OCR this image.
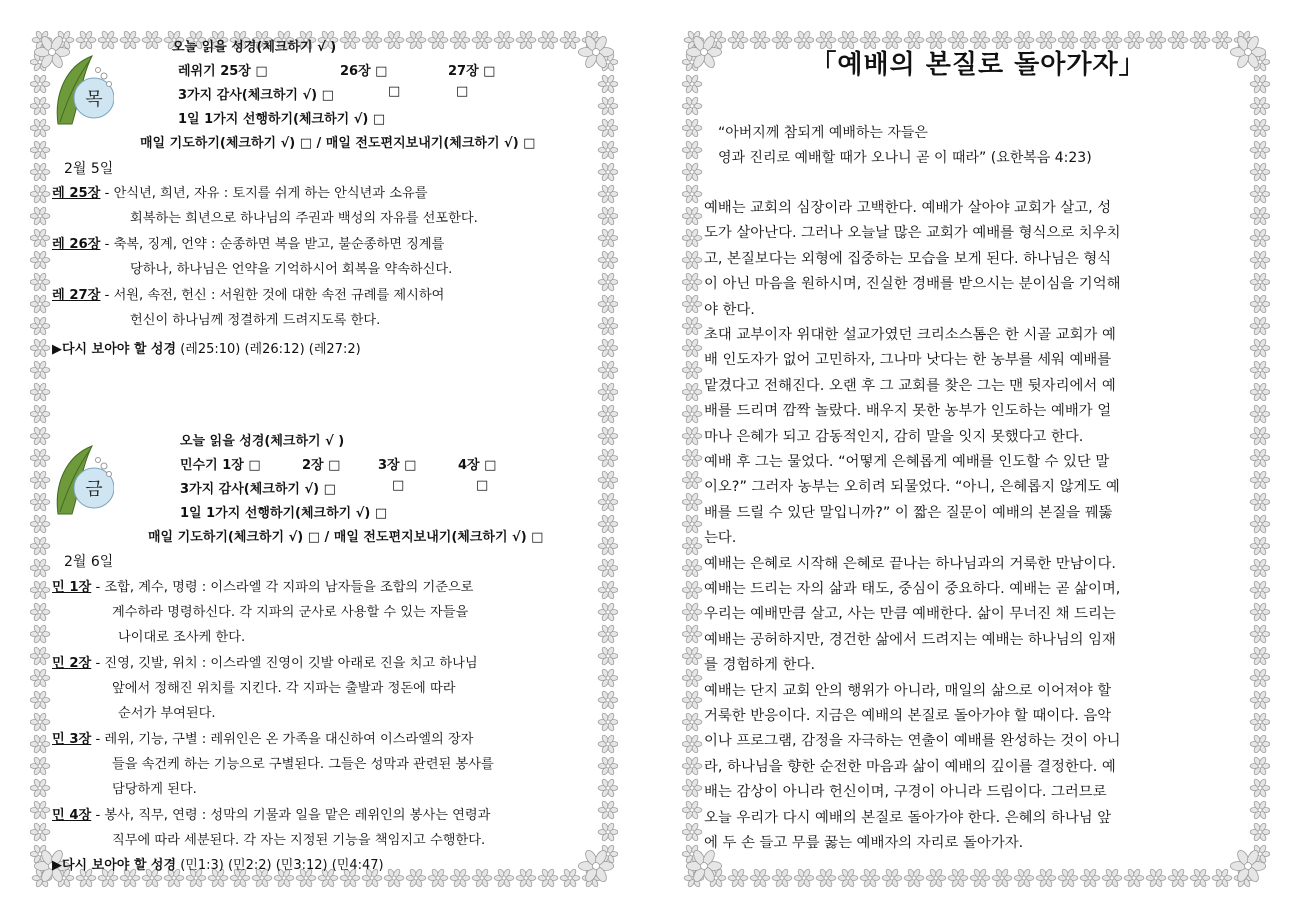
목
오늘 읽을 성경(체크하기 √ )
레위기 25장 □	26장 □	27장 □
3가지 감사(체크하기 √) □	□	□
1일 1가지 선행하기(체크하기 √) □
매일 기도하기(체크하기 √) □ / 매일 전도편지보내기(체크하기 √) □
2월 5일
레 25장 - 안식년, 희년, 자유 : 토지를 쉬게 하는 안식년과 소유를
회복하는 희년으로 하나님의 주권과 백성의 자유를 선포한다.
레 26장 - 축복, 징계, 언약 : 순종하면 복을 받고, 불순종하면 징계를
당하나, 하나님은 언약을 기억하시어 회복을 약속하신다.
레 27장 - 서원, 속전, 헌신 : 서원한 것에 대한 속전 규례를 제시하여
헌신이 하나님께 정결하게 드려지도록 한다.
▶다시 보아야 할 성경 (레25:10) (레26:12) (레27:2)
금
오늘 읽을 성경(체크하기 √ )
민수기 1장 □	2장 □	3장 □	4장 □
3가지 감사(체크하기 √) □	□	□
1일 1가지 선행하기(체크하기 √) □
매일 기도하기(체크하기 √) □ / 매일 전도편지보내기(체크하기 √) □
2월 6일
민 1장 - 조합, 계수, 명령 : 이스라엘 각 지파의 남자들을 조합의 기준으로
계수하라 명령하신다. 각 지파의 군사로 사용할 수 있는 자들을
나이대로 조사케 한다.
민 2장 - 진영, 깃발, 위치 : 이스라엘 진영이 깃발 아래로 진을 치고 하나님
앞에서 정해진 위치를 지킨다. 각 지파는 출발과 정돈에 따라
순서가 부여된다.
민 3장 - 레위, 기능, 구별 : 레위인은 온 가족을 대신하여 이스라엘의 장자
들을 속건케 하는 기능으로 구별된다. 그들은 성막과 관련된 봉사를
담당하게 된다.
민 4장 - 봉사, 직무, 연령 : 성막의 기물과 일을 맡은 레위인의 봉사는 연령과
직무에 따라 세분된다. 각 자는 지정된 기능을 책임지고 수행한다.
▶다시 보아야 할 성경 (민1:3) (민2:2) (민3:12) (민4:47)
「예배의 본질로 돌아가자」
“아버지께 참되게 예배하는 자들은
영과 진리로 예배할 때가 오나니 곧 이 때라” (요한복음 4:23)
예배는 교회의 심장이라 고백한다. 예배가 살아야 교회가 살고, 성
도가 살아난다. 그러나 오늘날 많은 교회가 예배를 형식으로 치우치
고, 본질보다는 외형에 집중하는 모습을 보게 된다. 하나님은 형식
이 아닌 마음을 원하시며, 진실한 경배를 받으시는 분이심을 기억해
야 한다.
초대 교부이자 위대한 설교가였던 크리소스톰은 한 시골 교회가 예
배 인도자가 없어 고민하자, 그나마 낫다는 한 농부를 세워 예배를
맡겼다고 전해진다. 오랜 후 그 교회를 찾은 그는 맨 뒷자리에서 예
배를 드리며 깜짝 놀랐다. 배우지 못한 농부가 인도하는 예배가 얼
마나 은혜가 되고 감동적인지, 감히 말을 잇지 못했다고 한다.
예배 후 그는 물었다. “어떻게 은혜롭게 예배를 인도할 수 있단 말
이오?” 그러자 농부는 오히려 되물었다. “아니, 은혜롭지 않게도 예
배를 드릴 수 있단 말입니까?” 이 짧은 질문이 예배의 본질을 꿰뚫
는다.
예배는 은혜로 시작해 은혜로 끝나는 하나님과의 거룩한 만남이다.
예배는 드리는 자의 삶과 태도, 중심이 중요하다. 예배는 곧 삶이며,
우리는 예배만큼 살고, 사는 만큼 예배한다. 삶이 무너진 채 드리는
예배는 공허하지만, 경건한 삶에서 드려지는 예배는 하나님의 임재
를 경험하게 한다.
예배는 단지 교회 안의 행위가 아니라, 매일의 삶으로 이어져야 할
거룩한 반응이다. 지금은 예배의 본질로 돌아가야 할 때이다. 음악
이나 프로그램, 감정을 자극하는 연출이 예배를 완성하는 것이 아니
라, 하나님을 향한 순전한 마음과 삶이 예배의 깊이를 결정한다. 예
배는 감상이 아니라 헌신이며, 구경이 아니라 드림이다. 그러므로
오늘 우리가 다시 예배의 본질로 돌아가야 한다. 은혜의 하나님 앞
에 두 손 들고 무릎 꿇는 예배자의 자리로 돌아가자.
